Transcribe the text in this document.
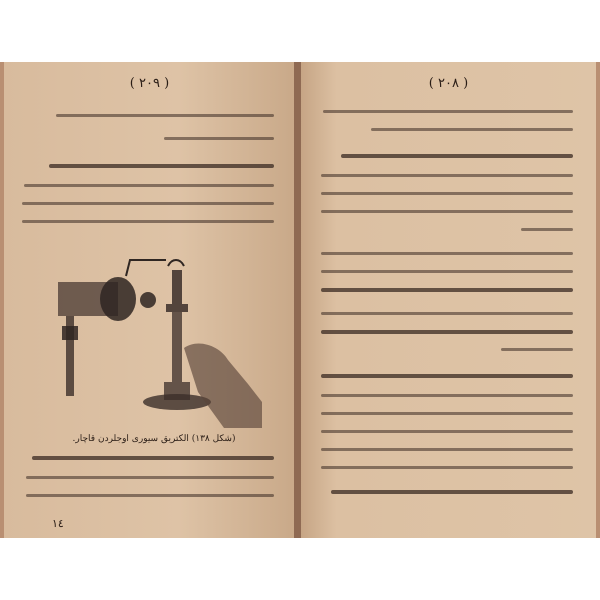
( ۲۰۹ )
(شکل ۱۳۸) الکتریق سیوری اوجلردن قاچار.
۱٤
( ۲۰۸ )
